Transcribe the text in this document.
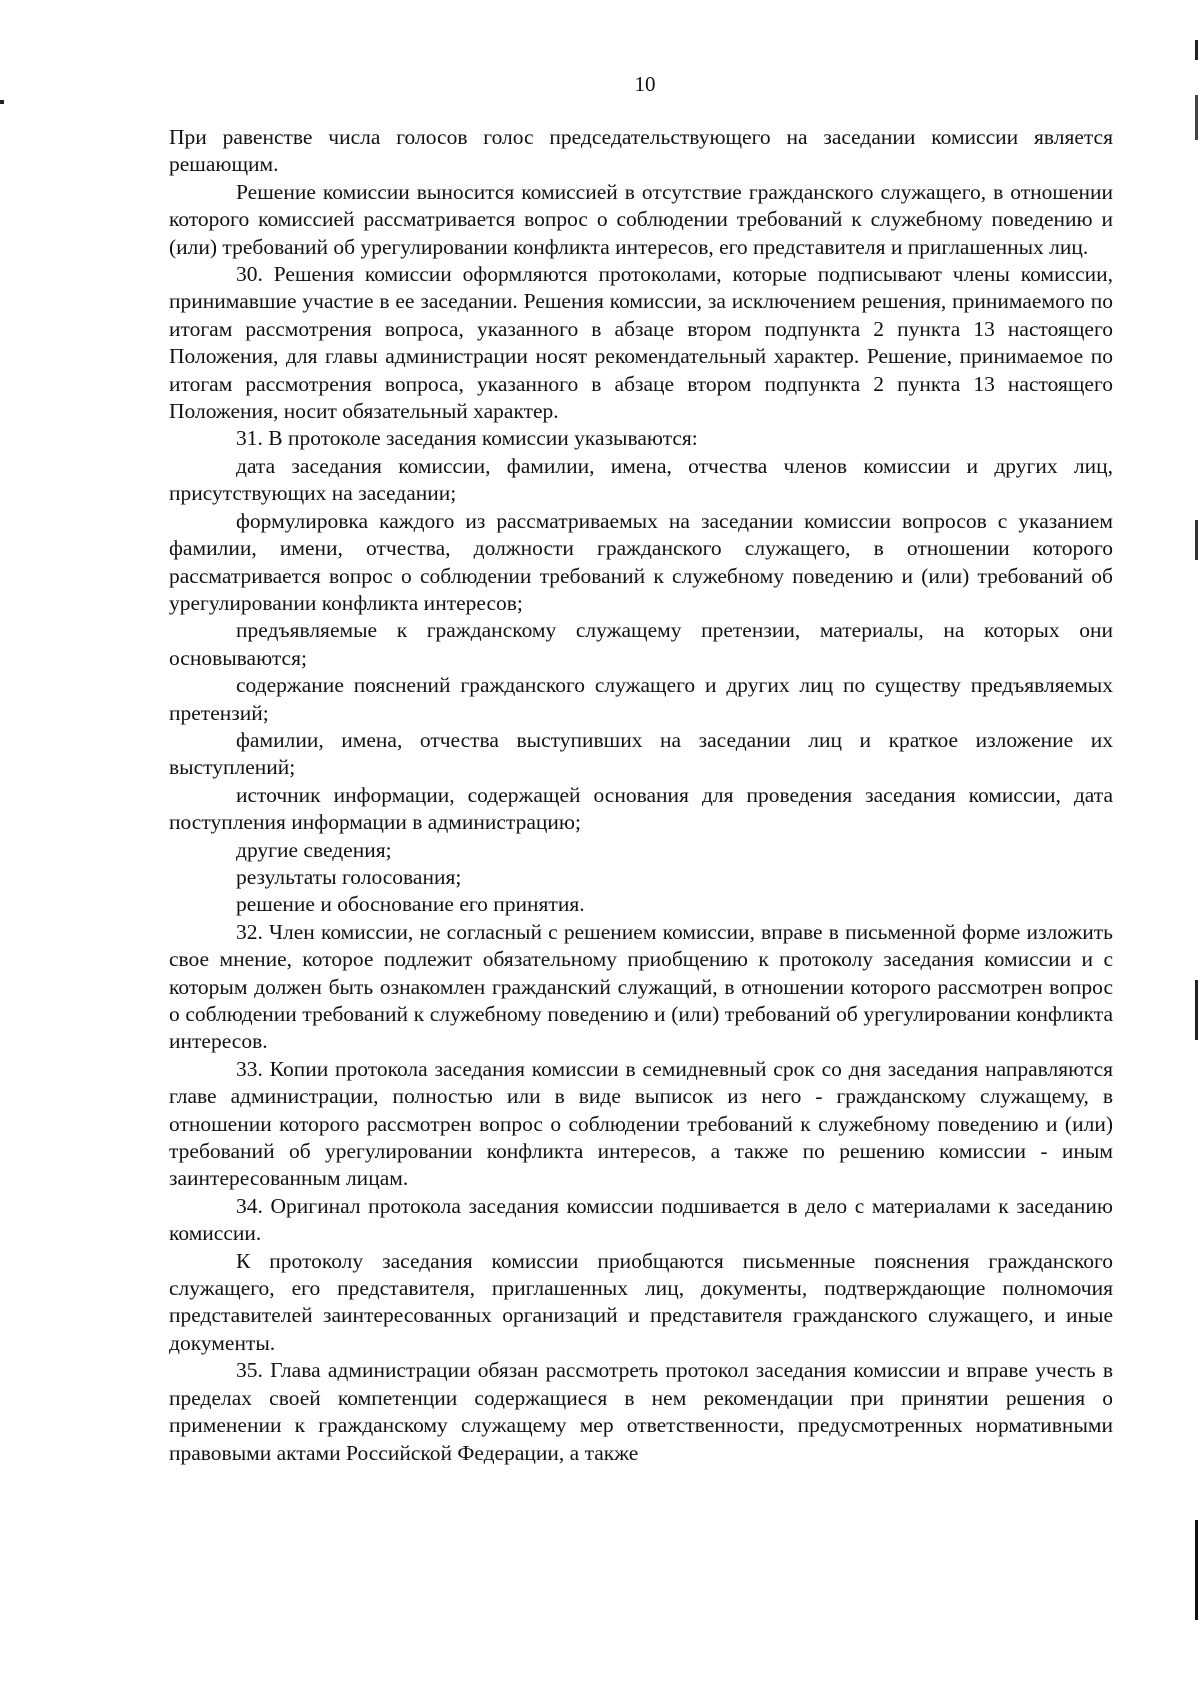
10

При равенстве числа голосов голос председательствующего на заседании комиссии является решающим.

Решение комиссии выносится комиссией в отсутствие гражданского служащего, в отношении которого комиссией рассматривается вопрос о соблюдении требований к служебному поведению и (или) требований об урегулировании конфликта интересов, его представителя и приглашенных лиц.

30. Решения комиссии оформляются протоколами, которые подписывают члены комиссии, принимавшие участие в ее заседании. Решения комиссии, за исключением решения, принимаемого по итогам рассмотрения вопроса, указанного в абзаце втором подпункта 2 пункта 13 настоящего Положения, для главы администрации носят рекомендательный характер. Решение, принимаемое по итогам рассмотрения вопроса, указанного в абзаце втором подпункта 2 пункта 13 настоящего Положения, носит обязательный характер.

31. В протоколе заседания комиссии указываются:

дата заседания комиссии, фамилии, имена, отчества членов комиссии и других лиц, присутствующих на заседании;

формулировка каждого из рассматриваемых на заседании комиссии вопросов с указанием фамилии, имени, отчества, должности гражданского служащего, в отношении которого рассматривается вопрос о соблюдении требований к служебному поведению и (или) требований об урегулировании конфликта интересов;

предъявляемые к гражданскому служащему претензии, материалы, на которых они основываются;

содержание пояснений гражданского служащего и других лиц по существу предъявляемых претензий;

фамилии, имена, отчества выступивших на заседании лиц и краткое изложение их выступлений;

источник информации, содержащей основания для проведения заседания комиссии, дата поступления информации в администрацию;

другие сведения;

результаты голосования;

решение и обоснование его принятия.

32. Член комиссии, не согласный с решением комиссии, вправе в письменной форме изложить свое мнение, которое подлежит обязательному приобщению к протоколу заседания комиссии и с которым должен быть ознакомлен гражданский служащий, в отношении которого рассмотрен вопрос о соблюдении требований к служебному поведению и (или) требований об урегулировании конфликта интересов.

33. Копии протокола заседания комиссии в семидневный срок со дня заседания направляются главе администрации, полностью или в виде выписок из него - гражданскому служащему, в отношении которого рассмотрен вопрос о соблюдении требований к служебному поведению и (или) требований об урегулировании конфликта интересов, а также по решению комиссии - иным заинтересованным лицам.

34. Оригинал протокола заседания комиссии подшивается в дело с материалами к заседанию комиссии.

К протоколу заседания комиссии приобщаются письменные пояснения гражданского служащего, его представителя, приглашенных лиц, документы, подтверждающие полномочия представителей заинтересованных организаций и представителя гражданского служащего, и иные документы.

35. Глава администрации обязан рассмотреть протокол заседания комиссии и вправе учесть в пределах своей компетенции содержащиеся в нем рекомендации при принятии решения о применении к гражданскому служащему мер ответственности, предусмотренных нормативными правовыми актами Российской Федерации, а также
